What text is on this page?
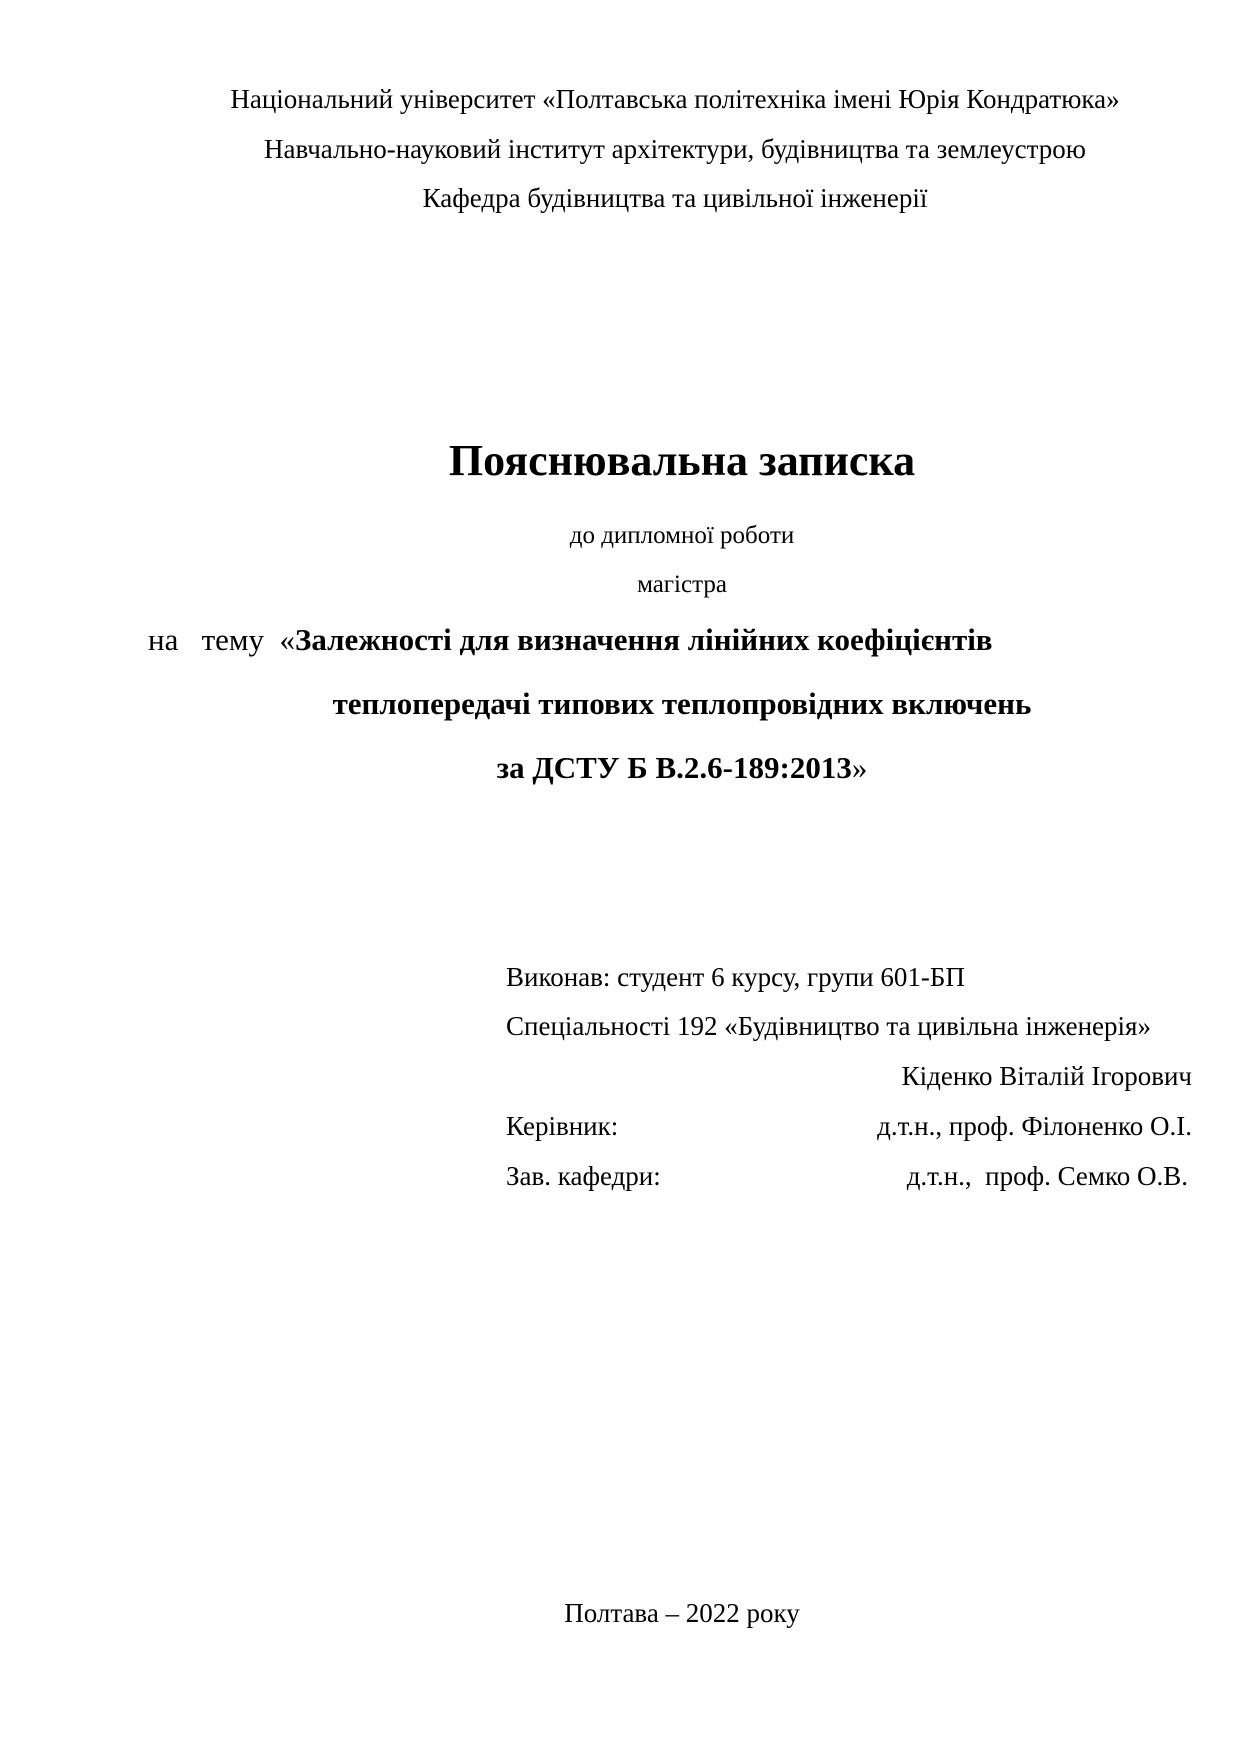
Національний університет «Полтавська політехніка імені Юрія Кондратюка»
Навчально-науковий інститут архітектури, будівництва та землеустрою
Кафедра будівництва та цивільної інженерії
Пояснювальна записка
до дипломної роботи
магістра
на   тему  «Залежності для визначення лінійних коефіцієнтів
теплопередачі типових теплопровідних включень
за ДСТУ Б В.2.6-189:2013»
Виконав: студент 6 курсу, групи 601-БП
Спеціальності 192 «Будівництво та цивільна інженерія»
Кіденко Віталій Ігорович
Керівник:	д.т.н., проф. Філоненко О.І.
Зав. кафедри:	д.т.н.,  проф. Семко О.В.
Полтава – 2022 року
